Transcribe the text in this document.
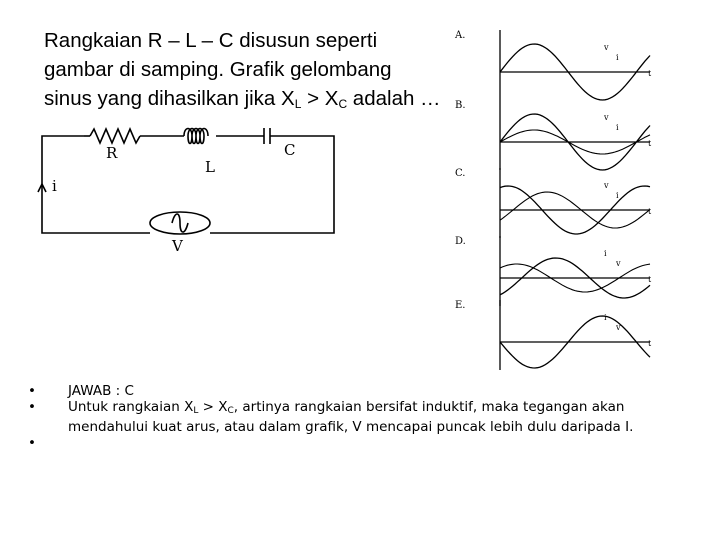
Rangkaian R – L – C disusun seperti
gambar di samping. Grafik gelombang
sinus yang dihasilkan jika $X_L > X_C$ adalah …
R
L
C
i
V
A.
v
i
t
B.
v
i
t
C.
v
i
t
D.
i
v
t
E.
i
v
t
• JAWAB : C
• Untuk rangkaian $X_L > X_C$, artinya rangkaian bersifat induktif, maka tegangan akan
mendahului kuat arus, atau dalam grafik, V mencapai puncak lebih dulu daripada I.
•
